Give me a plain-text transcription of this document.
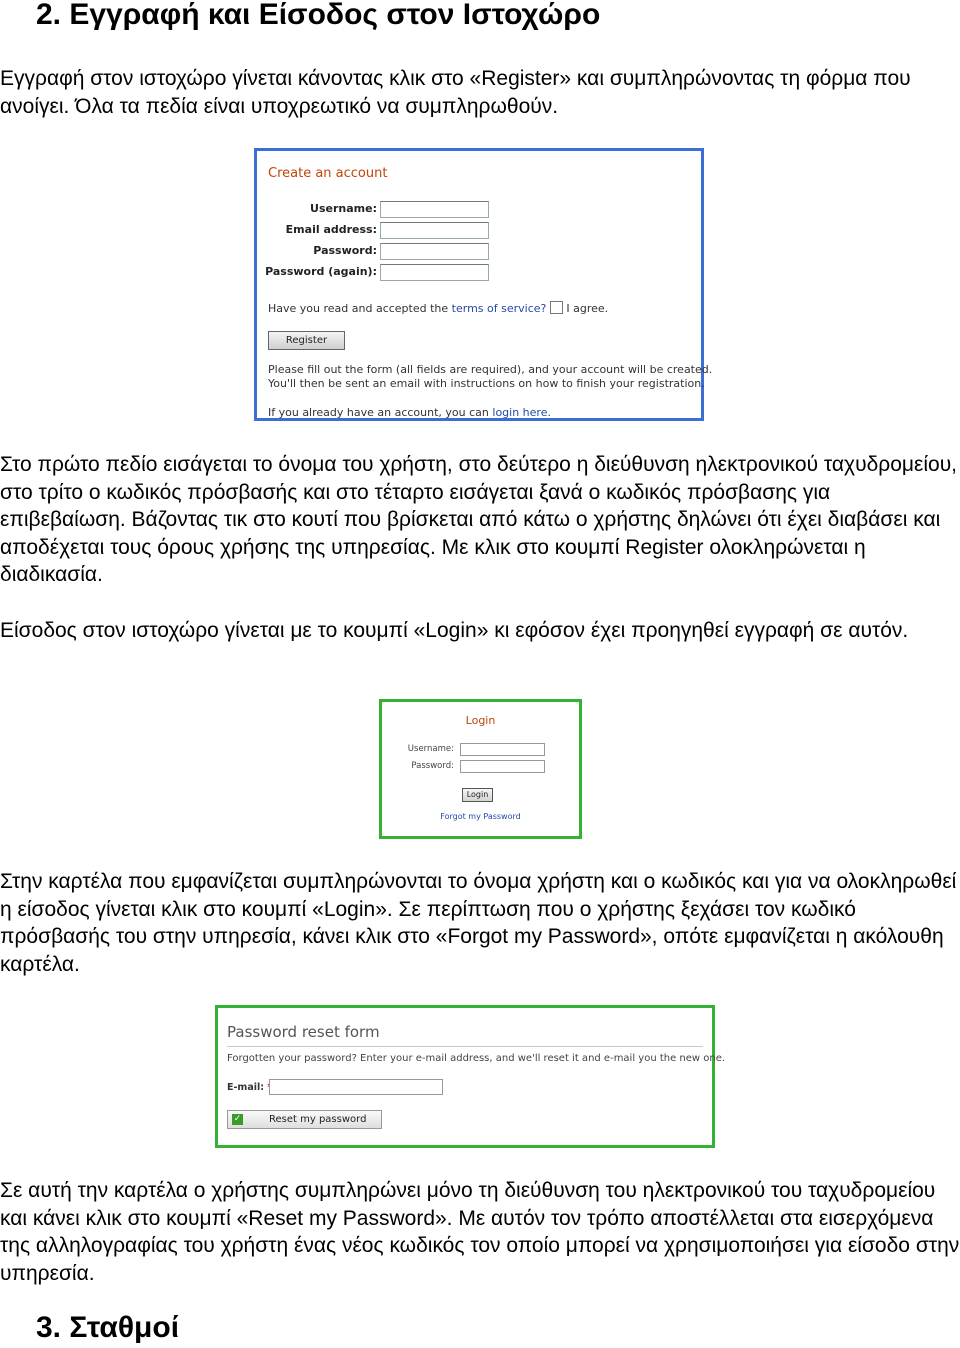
2. Εγγραφή και Είσοδος στον Ιστοχώρο

Εγγραφή στον ιστοχώρο γίνεται κάνοντας κλικ στο «Register» και συμπληρώνοντας τη φόρμα που ανοίγει. Όλα τα πεδία είναι υποχρεωτικό να συμπληρωθούν.

Create an account
Username:
Email address:
Password:
Password (again):
Have you read and accepted the terms of service? I agree.
Register
Please fill out the form (all fields are required), and your account will be created.
You'll then be sent an email with instructions on how to finish your registration.
If you already have an account, you can login here.

Στο πρώτο πεδίο εισάγεται το όνομα του χρήστη, στο δεύτερο η διεύθυνση ηλεκτρονικού ταχυδρομείου, στο τρίτο ο κωδικός πρόσβασής και στο τέταρτο εισάγεται ξανά ο κωδικός πρόσβασης για επιβεβαίωση. Βάζοντας τικ στο κουτί που βρίσκεται από κάτω ο χρήστης δηλώνει ότι έχει διαβάσει και αποδέχεται τους όρους χρήσης της υπηρεσίας. Με κλικ στο κουμπί Register ολοκληρώνεται η διαδικασία.

Είσοδος στον ιστοχώρο γίνεται με το κουμπί «Login» κι εφόσον έχει προηγηθεί εγγραφή σε αυτόν.

Login
Username:
Password:
Login
Forgot my Password

Στην καρτέλα που εμφανίζεται συμπληρώνονται το όνομα χρήστη και ο κωδικός και για να ολοκληρωθεί η είσοδος γίνεται κλικ στο κουμπί «Login». Σε περίπτωση που ο χρήστης ξεχάσει τον κωδικό πρόσβασής του στην υπηρεσία, κάνει κλικ στο «Forgot my Password», οπότε εμφανίζεται η ακόλουθη καρτέλα.

Password reset form
Forgotten your password? Enter your e-mail address, and we'll reset it and e-mail you the new one.
E-mail:
✓	Reset my password

Σε αυτή την καρτέλα ο χρήστης συμπληρώνει μόνο τη διεύθυνση του ηλεκτρονικού του ταχυδρομείου και κάνει κλικ στο κουμπί «Reset my Password». Με αυτόν τον τρόπο αποστέλλεται στα εισερχόμενα της αλληλογραφίας του χρήστη ένας νέος κωδικός τον οποίο μπορεί να χρησιμοποιήσει για είσοδο στην υπηρεσία.

3. Σταθμοί
